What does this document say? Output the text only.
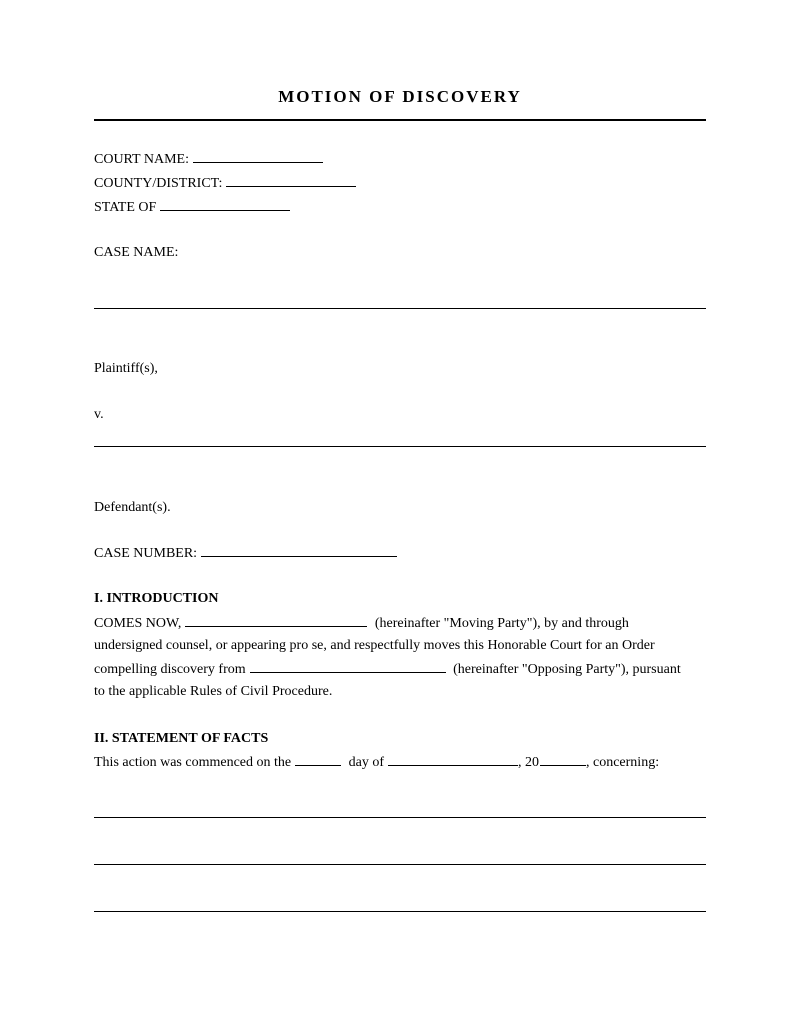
MOTION OF DISCOVERY
COURT NAME:
COUNTY/DISTRICT:
STATE OF
CASE NAME:
Plaintiff(s),
v.
Defendant(s).
CASE NUMBER:
I. INTRODUCTION
COMES NOW,	(hereinafter "Moving Party"), by and through
undersigned counsel, or appearing pro se, and respectfully moves this Honorable Court for an Order
compelling discovery from	(hereinafter "Opposing Party"), pursuant
to the applicable Rules of Civil Procedure.
II. STATEMENT OF FACTS
This action was commenced on the	day of	, 20	, concerning:
